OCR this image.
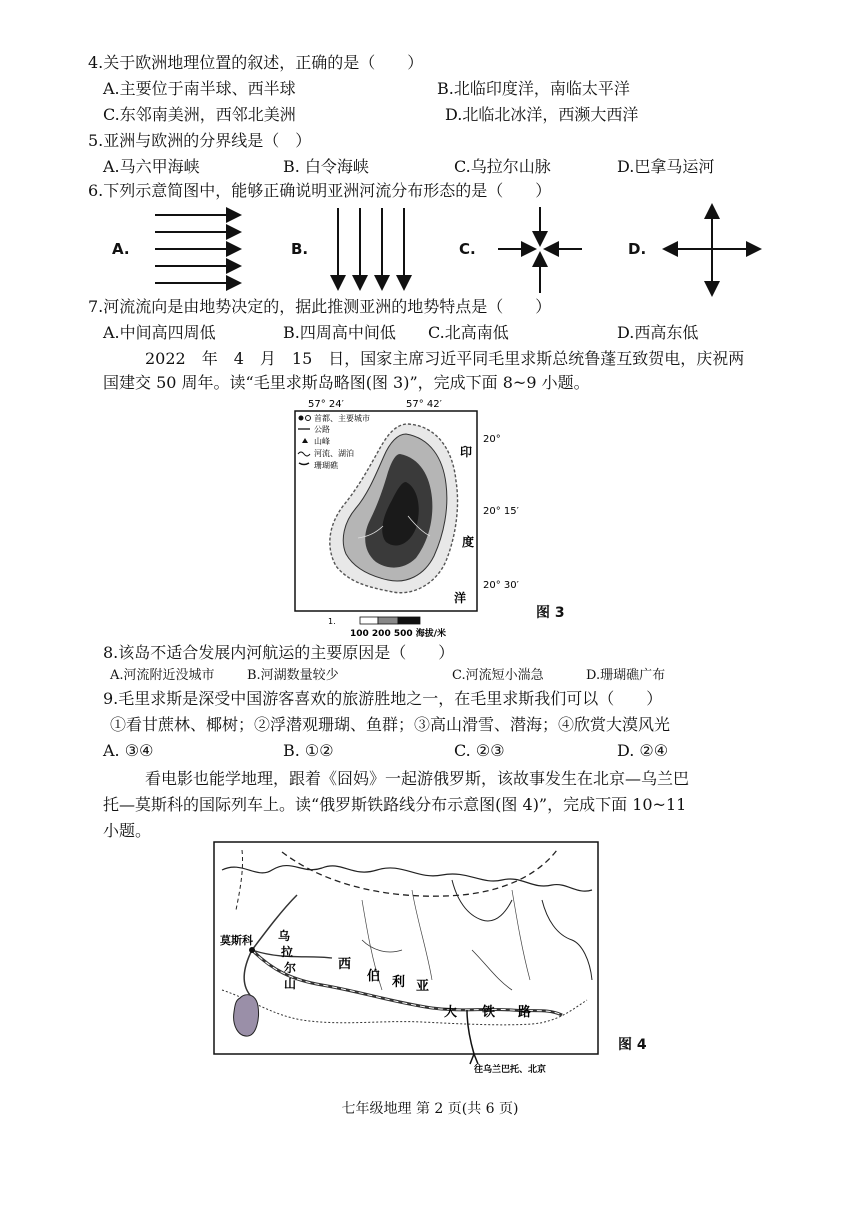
4.关于欧洲地理位置的叙述，正确的是（　　）
A.主要位于南半球、西半球	B.北临印度洋，南临太平洋
C.东邻南美洲，西邻北美洲	D.北临北冰洋，西濒大西洋
5.亚洲与欧洲的分界线是（　）
A.马六甲海峡	B. 白令海峡	C.乌拉尔山脉	D.巴拿马运河
6.下列示意简图中，能够正确说明亚洲河流分布形态的是（　　）
A.	B.	C.	D.
7.河流流向是由地势决定的，据此推测亚洲的地势特点是（　　）
A.中间高四周低	B.四周高中间低 C.北高南低	D.西高东低
2022　年　4　月　15　日，国家主席习近平同毛里求斯总统鲁蓬互致贺电，庆祝两
国建交 50 周年。读“毛里求斯岛略图(图 3)”，完成下面 8~9 小题。
57° 24′	57° 42′
20°
20° 15′
20° 30′
首都、主要城市
公路
山峰
河流、湖泊
珊瑚礁
印
度
洋
1.
100 200 500 海拔/米
图 3
8.该岛不适合发展内河航运的主要原因是（　　）
A.河流附近没城市 B.河湖数量较少	C.河流短小湍急	D.珊瑚礁广布
9.毛里求斯是深受中国游客喜欢的旅游胜地之一，在毛里求斯我们可以（　　）
①看甘蔗林、椰树；②浮潜观珊瑚、鱼群；③高山滑雪、潜海；④欣赏大漠风光
A. ③④	B. ①②	C. ②③	D. ②④
看电影也能学地理，跟着《囧妈》一起游俄罗斯，该故事发生在北京—乌兰巴
托—莫斯科的国际列车上。读“俄罗斯铁路线分布示意图(图 4)”，完成下面 10~11
小题。
莫斯科 乌
拉
尔
山
西
伯 利 亚
大 铁 路
往乌兰巴托、北京
图 4
七年级地理 第 2 页(共 6 页)
